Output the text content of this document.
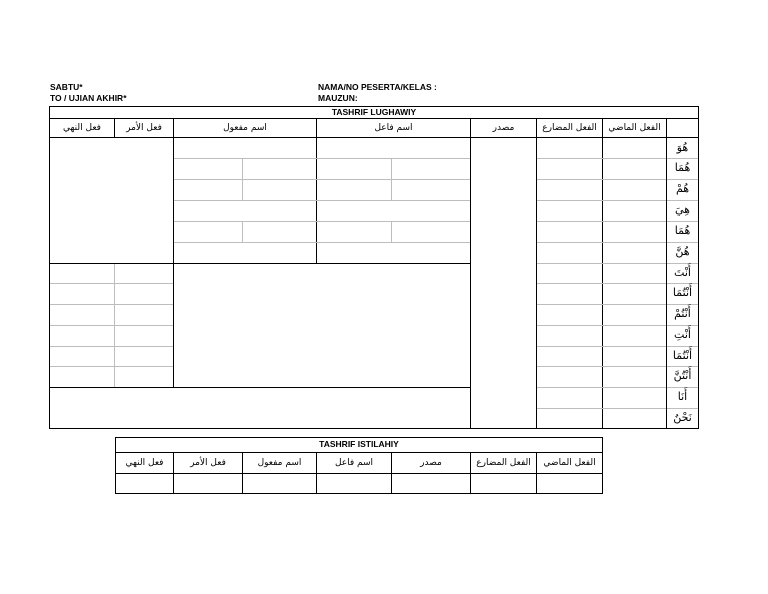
SABTU*
TO / UJIAN AKHIR*
NAMA/NO PESERTA/KELAS :
MAUZUN:
TASHRIF LUGHAWIY
الفعل الماضي
الفعل المضارع
مصدر
اسم فاعل
اسم مفعول
فعل الأمر
فعل النهي
هُوَ
هُمَا
هُمْ
هِيَ
هُمَا
هُنَّ
أَنْتَ
أَنْتُمَا
أَنْتُمْ
أَنْتِ
أَنْتُمَا
أَنْتُنَّ
أَنَا
نَحْنُ
TASHRIF ISTILAHIY
الفعل الماضي
الفعل المضارع
مصدر
اسم فاعل
اسم مفعول
فعل الأمر
فعل النهي
